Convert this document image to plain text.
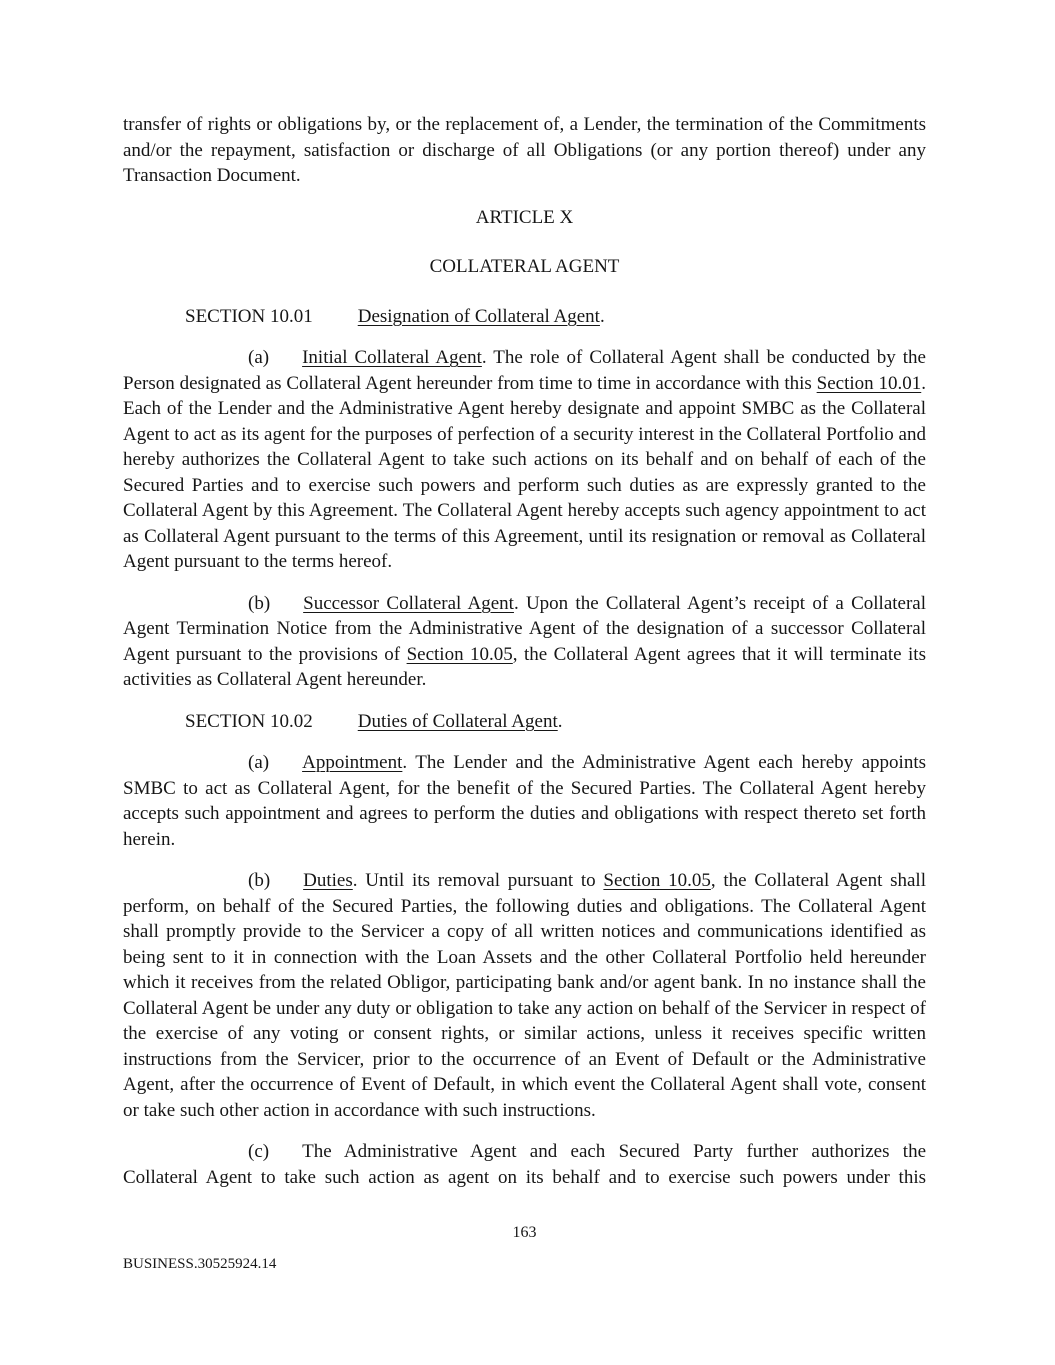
transfer of rights or obligations by, or the replacement of, a Lender, the termination of the Commitments and/or the repayment, satisfaction or discharge of all Obligations (or any portion thereof) under any Transaction Document.

ARTICLE X

COLLATERAL AGENT

SECTION 10.01 Designation of Collateral Agent.

(a) Initial Collateral Agent. The role of Collateral Agent shall be conducted by the Person designated as Collateral Agent hereunder from time to time in accordance with this Section 10.01. Each of the Lender and the Administrative Agent hereby designate and appoint SMBC as the Collateral Agent to act as its agent for the purposes of perfection of a security interest in the Collateral Portfolio and hereby authorizes the Collateral Agent to take such actions on its behalf and on behalf of each of the Secured Parties and to exercise such powers and perform such duties as are expressly granted to the Collateral Agent by this Agreement. The Collateral Agent hereby accepts such agency appointment to act as Collateral Agent pursuant to the terms of this Agreement, until its resignation or removal as Collateral Agent pursuant to the terms hereof.

(b) Successor Collateral Agent. Upon the Collateral Agent’s receipt of a Collateral Agent Termination Notice from the Administrative Agent of the designation of a successor Collateral Agent pursuant to the provisions of Section 10.05, the Collateral Agent agrees that it will terminate its activities as Collateral Agent hereunder.

SECTION 10.02 Duties of Collateral Agent.

(a) Appointment. The Lender and the Administrative Agent each hereby appoints SMBC to act as Collateral Agent, for the benefit of the Secured Parties. The Collateral Agent hereby accepts such appointment and agrees to perform the duties and obligations with respect thereto set forth herein.

(b) Duties. Until its removal pursuant to Section 10.05, the Collateral Agent shall perform, on behalf of the Secured Parties, the following duties and obligations. The Collateral Agent shall promptly provide to the Servicer a copy of all written notices and communications identified as being sent to it in connection with the Loan Assets and the other Collateral Portfolio held hereunder which it receives from the related Obligor, participating bank and/or agent bank. In no instance shall the Collateral Agent be under any duty or obligation to take any action on behalf of the Servicer in respect of the exercise of any voting or consent rights, or similar actions, unless it receives specific written instructions from the Servicer, prior to the occurrence of an Event of Default or the Administrative Agent, after the occurrence of Event of Default, in which event the Collateral Agent shall vote, consent or take such other action in accordance with such instructions.

(c) The Administrative Agent and each Secured Party further authorizes the Collateral Agent to take such action as agent on its behalf and to exercise such powers under this

163
BUSINESS.30525924.14
